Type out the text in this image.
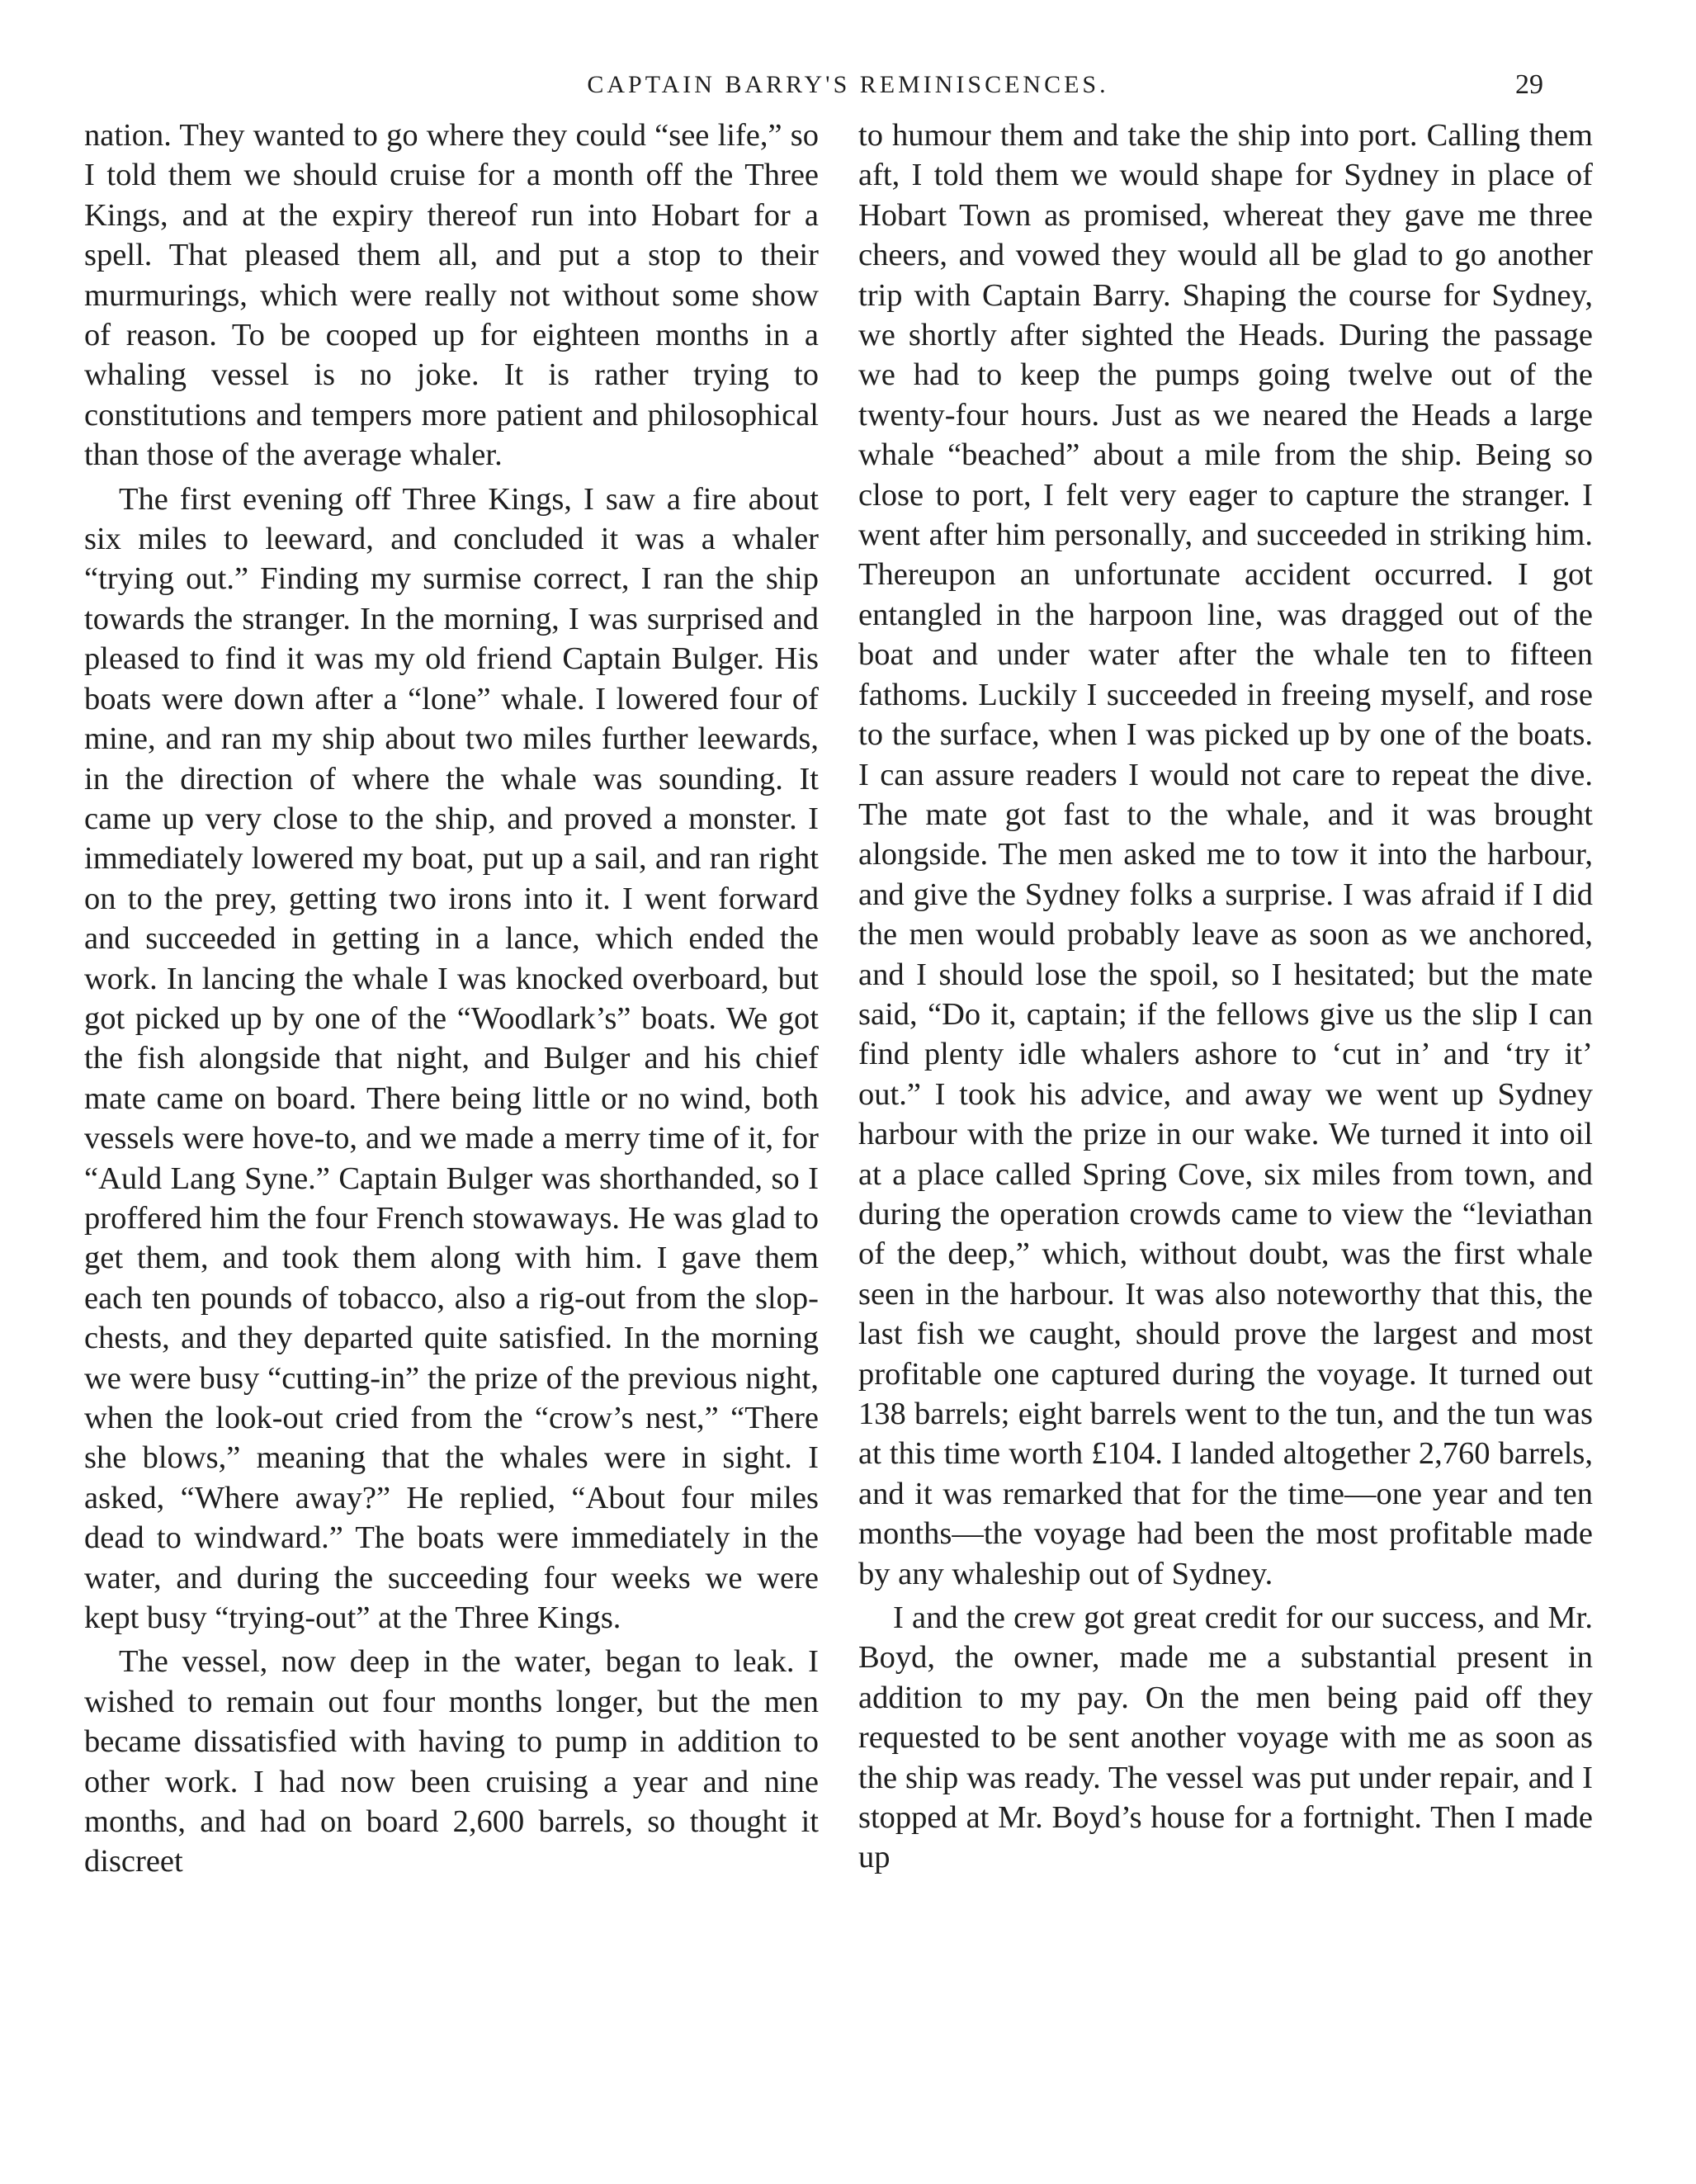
CAPTAIN BARRY'S REMINISCENCES.	29

nation. They wanted to go where they could “see life,” so I told them we should cruise for a month off the Three Kings, and at the expiry thereof run into Hobart for a spell. That pleased them all, and put a stop to their murmurings, which were really not without some show of reason. To be cooped up for eighteen months in a whaling vessel is no joke. It is rather trying to constitutions and tempers more patient and philosophical than those of the average whaler.

The first evening off Three Kings, I saw a fire about six miles to leeward, and concluded it was a whaler “trying out.” Finding my surmise correct, I ran the ship towards the stranger. In the morning, I was surprised and pleased to find it was my old friend Captain Bulger. His boats were down after a “lone” whale. I lowered four of mine, and ran my ship about two miles further leewards, in the direction of where the whale was sounding. It came up very close to the ship, and proved a monster. I immediately lowered my boat, put up a sail, and ran right on to the prey, getting two irons into it. I went forward and succeeded in getting in a lance, which ended the work. In lancing the whale I was knocked overboard, but got picked up by one of the “Woodlark’s” boats. We got the fish alongside that night, and Bulger and his chief mate came on board. There being little or no wind, both vessels were hove-to, and we made a merry time of it, for “Auld Lang Syne.” Captain Bulger was shorthanded, so I proffered him the four French stowaways. He was glad to get them, and took them along with him. I gave them each ten pounds of tobacco, also a rig-out from the slopchests, and they departed quite satisfied. In the morning we were busy “cutting-in” the prize of the previous night, when the look-out cried from the “crow’s nest,” “There she blows,” meaning that the whales were in sight. I asked, “Where away?” He replied, “About four miles dead to windward.” The boats were immediately in the water, and during the succeeding four weeks we were kept busy “trying-out” at the Three Kings.

The vessel, now deep in the water, began to leak. I wished to remain out four months longer, but the men became dissatisfied with having to pump in addition to other work. I had now been cruising a year and nine months, and had on board 2,600 barrels, so thought it discreet

to humour them and take the ship into port. Calling them aft, I told them we would shape for Sydney in place of Hobart Town as promised, whereat they gave me three cheers, and vowed they would all be glad to go another trip with Captain Barry. Shaping the course for Sydney, we shortly after sighted the Heads. During the passage we had to keep the pumps going twelve out of the twenty-four hours. Just as we neared the Heads a large whale “beached” about a mile from the ship. Being so close to port, I felt very eager to capture the stranger. I went after him personally, and succeeded in striking him. Thereupon an unfortunate accident occurred. I got entangled in the harpoon line, was dragged out of the boat and under water after the whale ten to fifteen fathoms. Luckily I succeeded in freeing myself, and rose to the surface, when I was picked up by one of the boats. I can assure readers I would not care to repeat the dive. The mate got fast to the whale, and it was brought alongside. The men asked me to tow it into the harbour, and give the Sydney folks a surprise. I was afraid if I did the men would probably leave as soon as we anchored, and I should lose the spoil, so I hesitated; but the mate said, “Do it, captain; if the fellows give us the slip I can find plenty idle whalers ashore to ‘cut in’ and ‘try it’ out.” I took his advice, and away we went up Sydney harbour with the prize in our wake. We turned it into oil at a place called Spring Cove, six miles from town, and during the operation crowds came to view the “leviathan of the deep,” which, without doubt, was the first whale seen in the harbour. It was also noteworthy that this, the last fish we caught, should prove the largest and most profitable one captured during the voyage. It turned out 138 barrels; eight barrels went to the tun, and the tun was at this time worth £104. I landed altogether 2,760 barrels, and it was remarked that for the time—one year and ten months—the voyage had been the most profitable made by any whaleship out of Sydney.

I and the crew got great credit for our success, and Mr. Boyd, the owner, made me a substantial present in addition to my pay. On the men being paid off they requested to be sent another voyage with me as soon as the ship was ready. The vessel was put under repair, and I stopped at Mr. Boyd’s house for a fortnight. Then I made up
